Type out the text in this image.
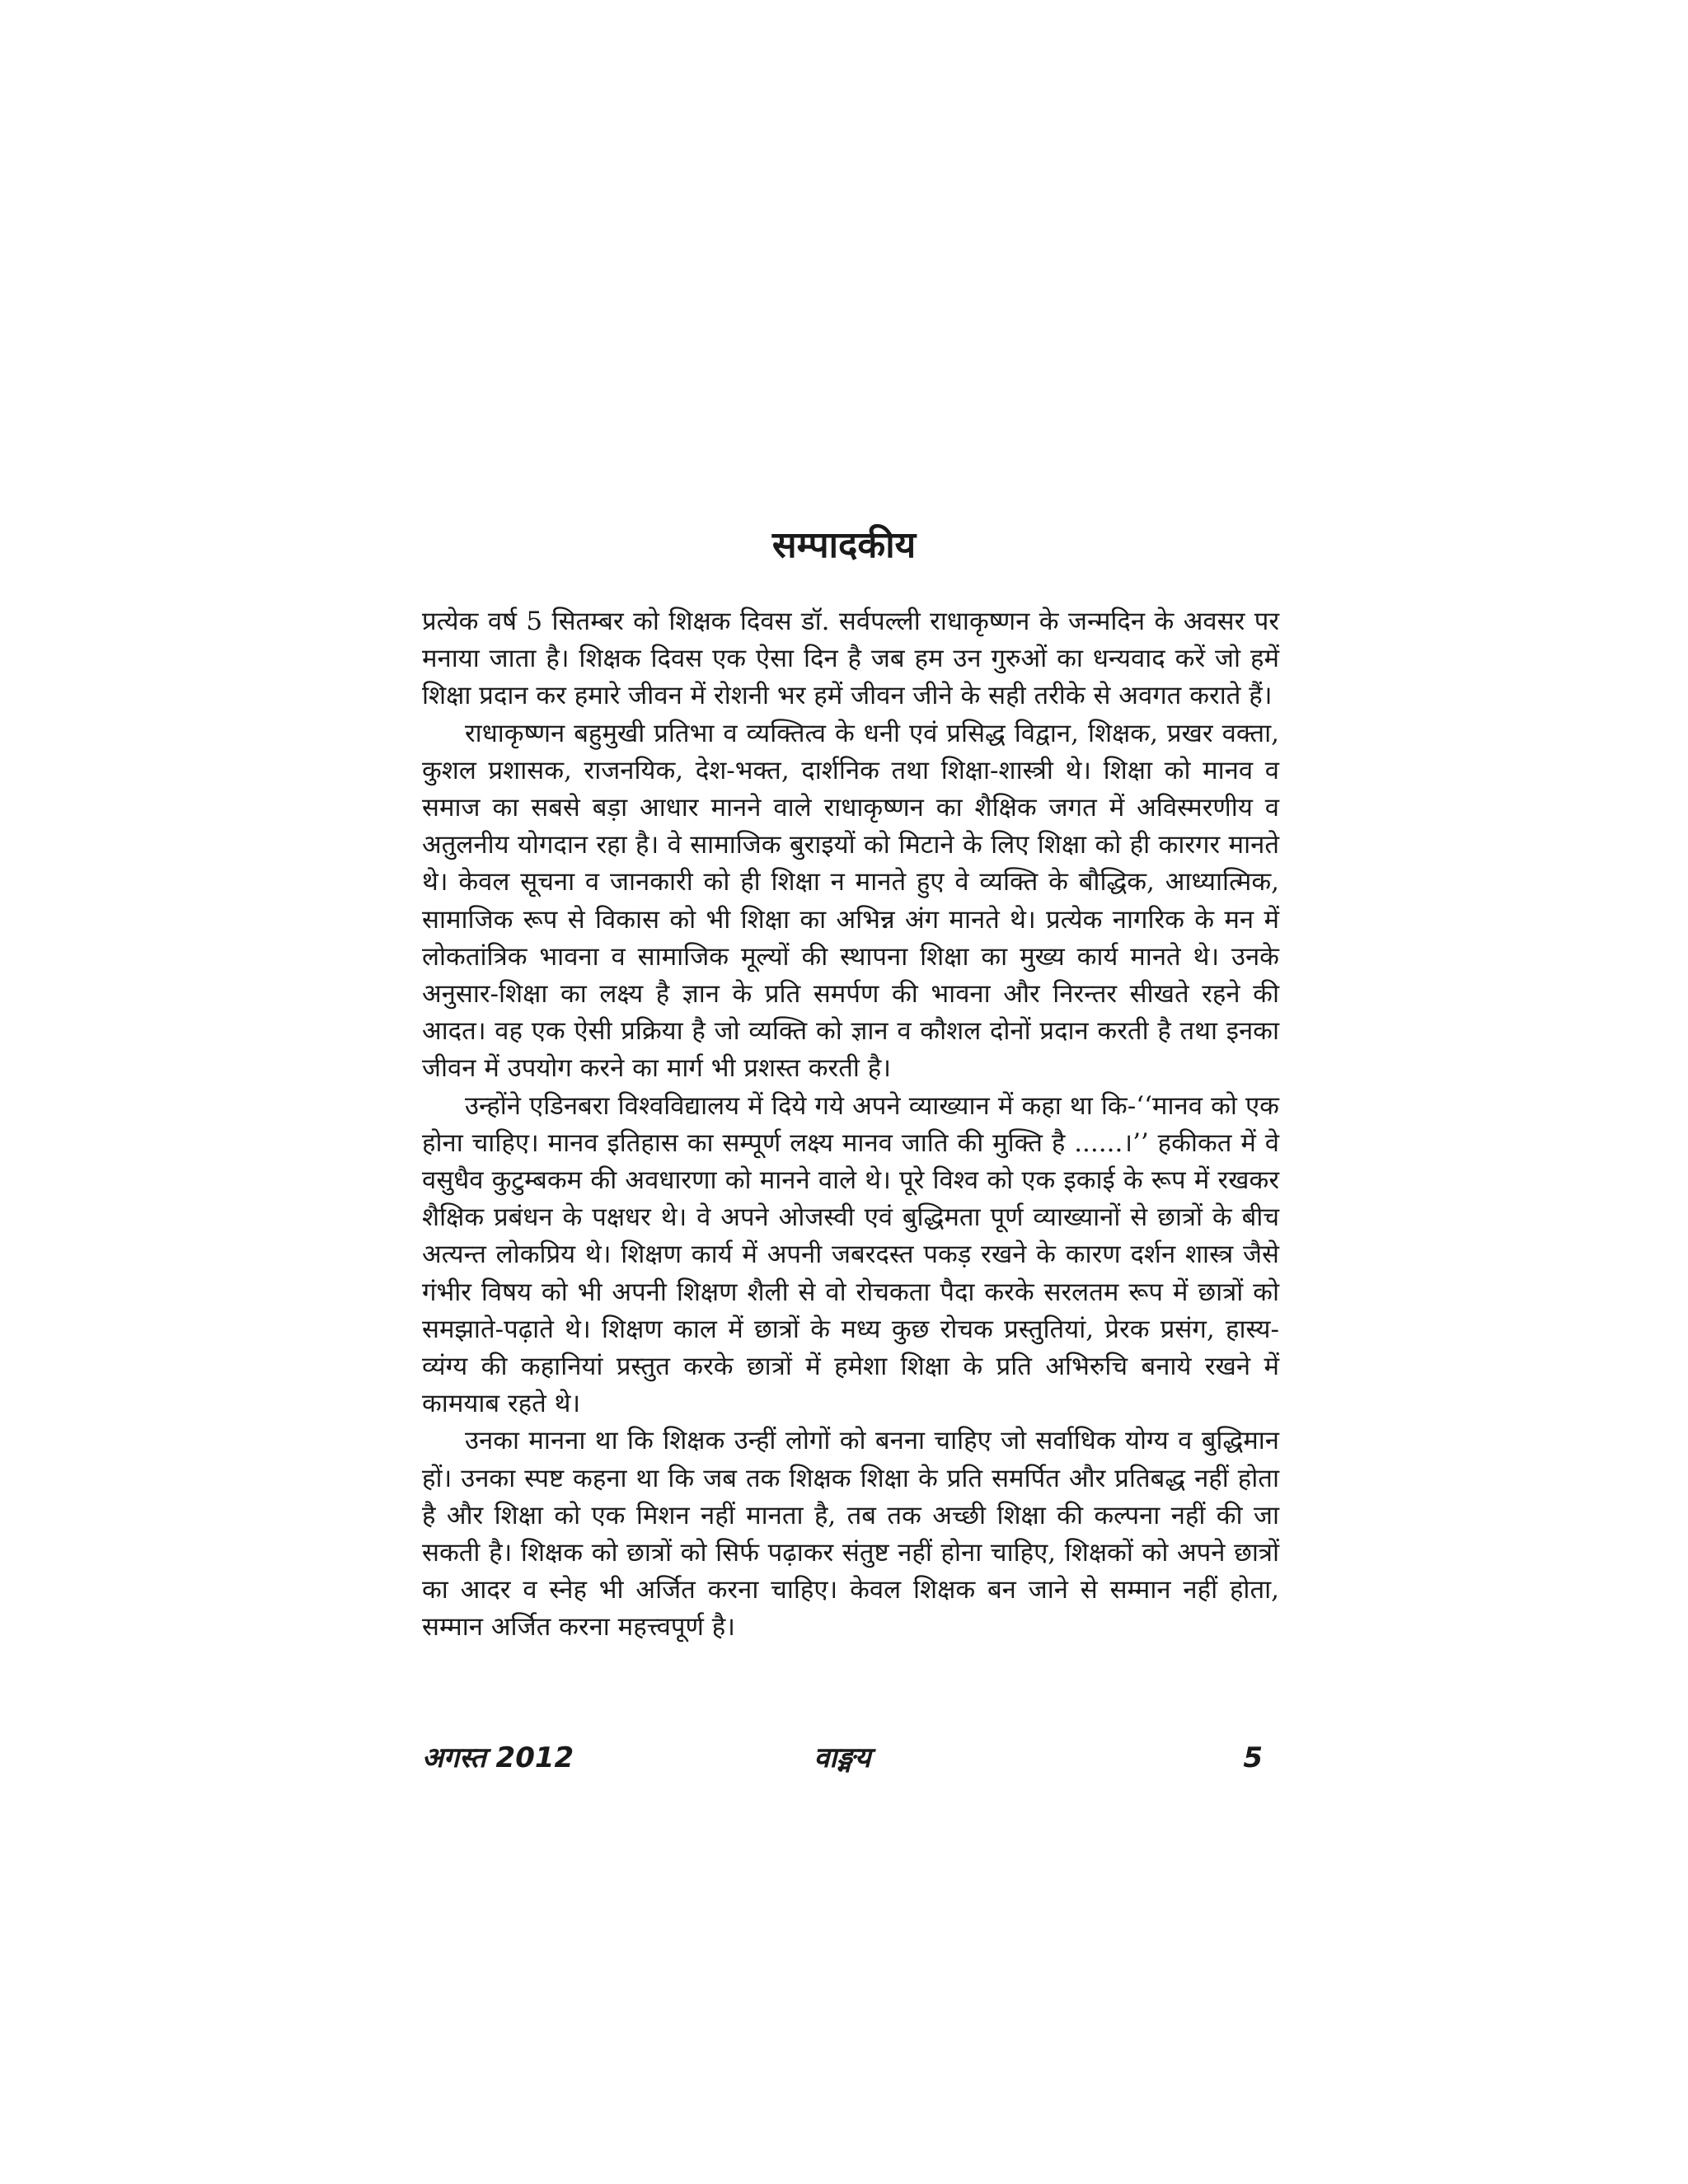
सम्पादकीय

प्रत्येक वर्ष 5 सितम्बर को शिक्षक दिवस डॉ. सर्वपल्ली राधाकृष्णन के जन्मदिन के अवसर पर मनाया जाता है। शिक्षक दिवस एक ऐसा दिन है जब हम उन गुरुओं का धन्यवाद करें जो हमें शिक्षा प्रदान कर हमारे जीवन में रोशनी भर हमें जीवन जीने के सही तरीके से अवगत कराते हैं।

राधाकृष्णन बहुमुखी प्रतिभा व व्यक्तित्व के धनी एवं प्रसिद्ध विद्वान, शिक्षक, प्रखर वक्ता, कुशल प्रशासक, राजनयिक, देश-भक्त, दार्शनिक तथा शिक्षा-शास्त्री थे। शिक्षा को मानव व समाज का सबसे बड़ा आधार मानने वाले राधाकृष्णन का शैक्षिक जगत में अविस्मरणीय व अतुलनीय योगदान रहा है। वे सामाजिक बुराइयों को मिटाने के लिए शिक्षा को ही कारगर मानते थे। केवल सूचना व जानकारी को ही शिक्षा न मानते हुए वे व्यक्ति के बौद्धिक, आध्यात्मिक, सामाजिक रूप से विकास को भी शिक्षा का अभिन्न अंग मानते थे। प्रत्येक नागरिक के मन में लोकतांत्रिक भावना व सामाजिक मूल्यों की स्थापना शिक्षा का मुख्य कार्य मानते थे। उनके अनुसार-शिक्षा का लक्ष्य है ज्ञान के प्रति समर्पण की भावना और निरन्तर सीखते रहने की आदत। वह एक ऐसी प्रक्रिया है जो व्यक्ति को ज्ञान व कौशल दोनों प्रदान करती है तथा इनका जीवन में उपयोग करने का मार्ग भी प्रशस्त करती है।

उन्होंने एडिनबरा विश्वविद्यालय में दिये गये अपने व्याख्यान में कहा था कि-‘‘मानव को एक होना चाहिए। मानव इतिहास का सम्पूर्ण लक्ष्य मानव जाति की मुक्ति है ......।’’ हकीकत में वे वसुधैव कुटुम्बकम की अवधारणा को मानने वाले थे। पूरे विश्व को एक इकाई के रूप में रखकर शैक्षिक प्रबंधन के पक्षधर थे। वे अपने ओजस्वी एवं बुद्धिमता पूर्ण व्याख्यानों से छात्रों के बीच अत्यन्त लोकप्रिय थे। शिक्षण कार्य में अपनी जबरदस्त पकड़ रखने के कारण दर्शन शास्त्र जैसे गंभीर विषय को भी अपनी शिक्षण शैली से वो रोचकता पैदा करके सरलतम रूप में छात्रों को समझाते-पढ़ाते थे। शिक्षण काल में छात्रों के मध्य कुछ रोचक प्रस्तुतियां, प्रेरक प्रसंग, हास्य-व्यंग्य की कहानियां प्रस्तुत करके छात्रों में हमेशा शिक्षा के प्रति अभिरुचि बनाये रखने में कामयाब रहते थे।

उनका मानना था कि शिक्षक उन्हीं लोगों को बनना चाहिए जो सर्वाधिक योग्य व बुद्धिमान हों। उनका स्पष्ट कहना था कि जब तक शिक्षक शिक्षा के प्रति समर्पित और प्रतिबद्ध नहीं होता है और शिक्षा को एक मिशन नहीं मानता है, तब तक अच्छी शिक्षा की कल्पना नहीं की जा सकती है। शिक्षक को छात्रों को सिर्फ पढ़ाकर संतुष्ट नहीं होना चाहिए, शिक्षकों को अपने छात्रों का आदर व स्नेह भी अर्जित करना चाहिए। केवल शिक्षक बन जाने से सम्मान नहीं होता, सम्मान अर्जित करना महत्त्वपूर्ण है।

अगस्त 2012	वाङ्मय	5
